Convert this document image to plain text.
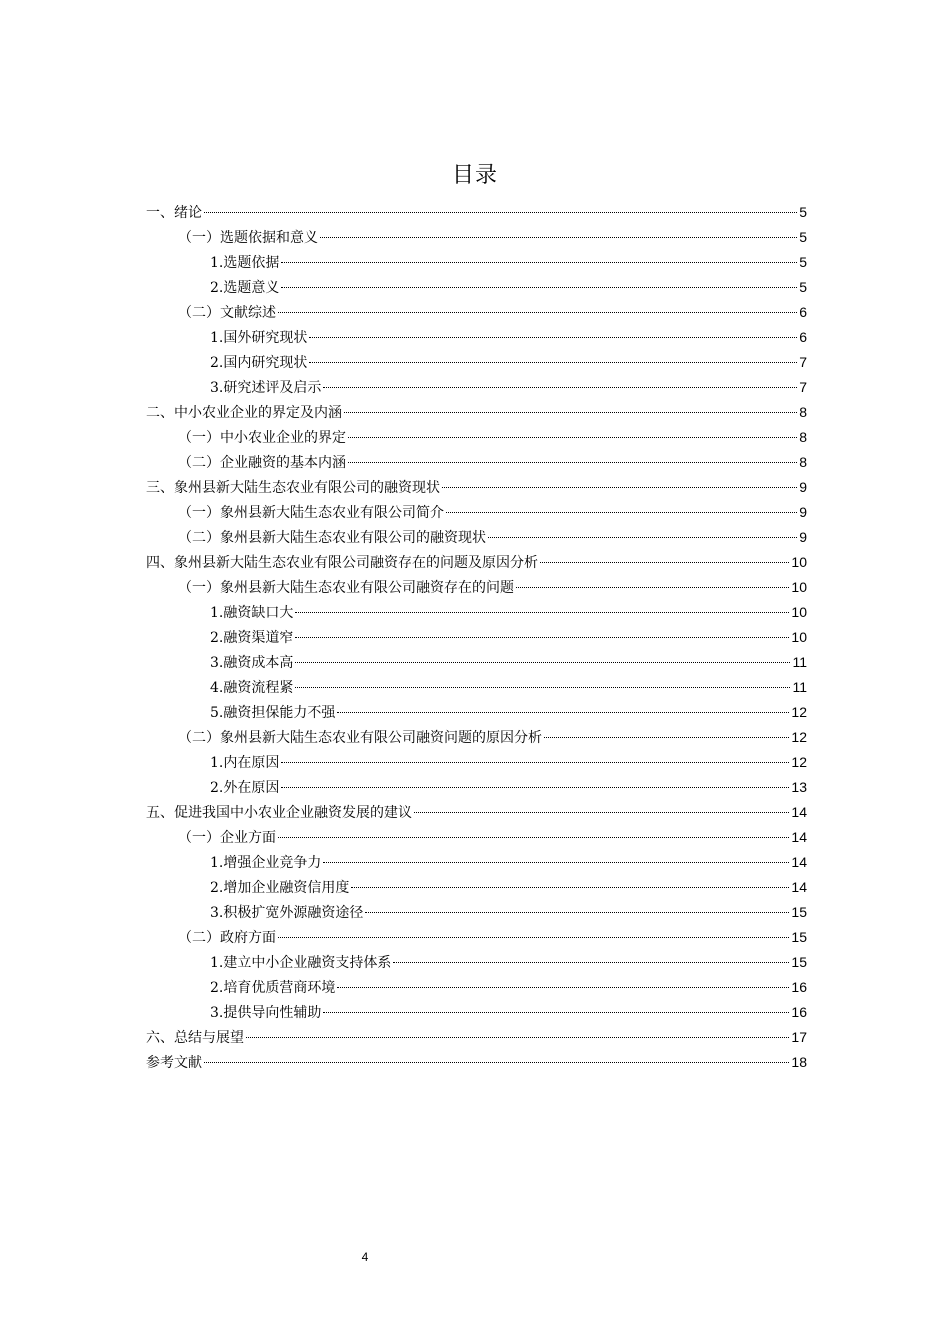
目录
一、绪论	5
（一）选题依据和意义	5
1.选题依据	5
2.选题意义	5
（二）文献综述	6
1.国外研究现状	6
2.国内研究现状	7
3.研究述评及启示	7
二、中小农业企业的界定及内涵	8
（一）中小农业企业的界定	8
（二）企业融资的基本内涵	8
三、象州县新大陆生态农业有限公司的融资现状	9
（一）象州县新大陆生态农业有限公司简介	9
（二）象州县新大陆生态农业有限公司的融资现状	9
四、象州县新大陆生态农业有限公司融资存在的问题及原因分析	10
（一）象州县新大陆生态农业有限公司融资存在的问题	10
1.融资缺口大	10
2.融资渠道窄	10
3.融资成本高	11
4.融资流程紧	11
5.融资担保能力不强	12
（二）象州县新大陆生态农业有限公司融资问题的原因分析	12
1.内在原因	12
2.外在原因	13
五、促进我国中小农业企业融资发展的建议	14
（一）企业方面	14
1.增强企业竞争力	14
2.增加企业融资信用度	14
3.积极扩宽外源融资途径	15
（二）政府方面	15
1.建立中小企业融资支持体系	15
2.培育优质营商环境	16
3.提供导向性辅助	16
六、总结与展望	17
参考文献	18
4
